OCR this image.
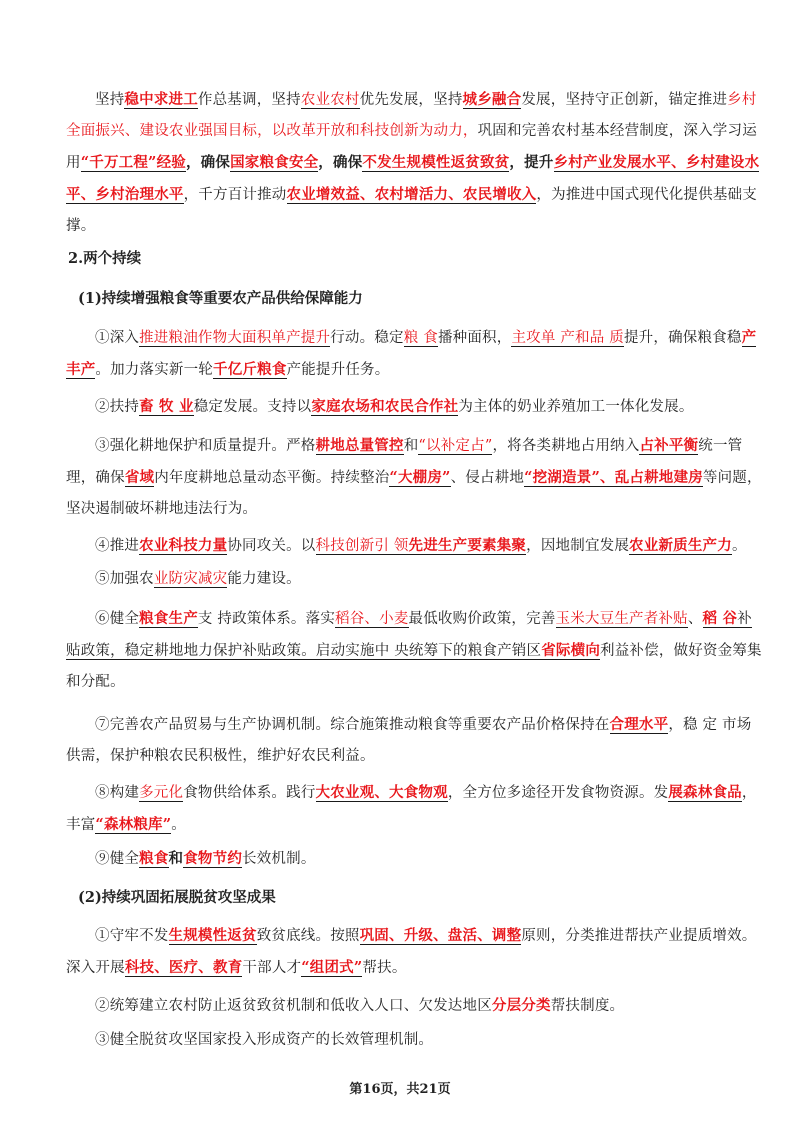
坚持稳中求进工作总基调，坚持农业农村优先发展，坚持城乡融合发展，坚持守正创新，锚定推进乡村全面振兴、建设农业强国目标，以改革开放和科技创新为动力，巩固和完善农村基本经营制度，深入学习运用“千万工程”经验，确保国家粮食安全，确保不发生规模性返贫致贫，提升乡村产业发展水平、乡村建设水平、乡村治理水平，千方百计推动农业增效益、农村增活力、农民增收入，为推进中国式现代化提供基础支撑。
2.两个持续
(1)持续增强粮食等重要农产品供给保障能力
①深入推进粮油作物大面积单产提升行动。稳定粮 食播种面积，主攻单 产和品 质提升，确保粮食稳产丰产。加力落实新一轮千亿斤粮食产能提升任务。
②扶持畜 牧 业稳定发展。支持以家庭农场和农民合作社为主体的奶业养殖加工一体化发展。
③强化耕地保护和质量提升。严格耕地总量管控和“以补定占”，将各类耕地占用纳入占补平衡统一管理，确保省域内年度耕地总量动态平衡。持续整治“大棚房”、侵占耕地“挖湖造景”、乱占耕地建房等问题，坚决遏制破坏耕地违法行为。
④推进农业科技力量协同攻关。以科技创新引 领先进生产要素集聚，因地制宜发展农业新质生产力。
⑤加强农业防灾减灾能力建设。
⑥健全粮食生产支 持政策体系。落实稻谷、小麦最低收购价政策，完善玉米大豆生产者补贴、稻 谷补贴政策，稳定耕地地力保护补贴政策。启动实施中 央统筹下的粮食产销区省际横向利益补偿，做好资金筹集和分配。
⑦完善农产品贸易与生产协调机制。综合施策推动粮食等重要农产品价格保持在合理水平，稳 定 市场供需，保护种粮农民积极性，维护好农民利益。
⑧构建多元化食物供给体系。践行大农业观、大食物观，全方位多途径开发食物资源。发展森林食品，丰富“森林粮库”。
⑨健全粮食和食物节约长效机制。
(2)持续巩固拓展脱贫攻坚成果
①守牢不发生规模性返贫致贫底线。按照巩固、升级、盘活、调整原则，分类推进帮扶产业提质增效。深入开展科技、医疗、教育干部人才“组团式”帮扶。
②统筹建立农村防止返贫致贫机制和低收入人口、欠发达地区分层分类帮扶制度。
③健全脱贫攻坚国家投入形成资产的长效管理机制。
第16页，共21页
